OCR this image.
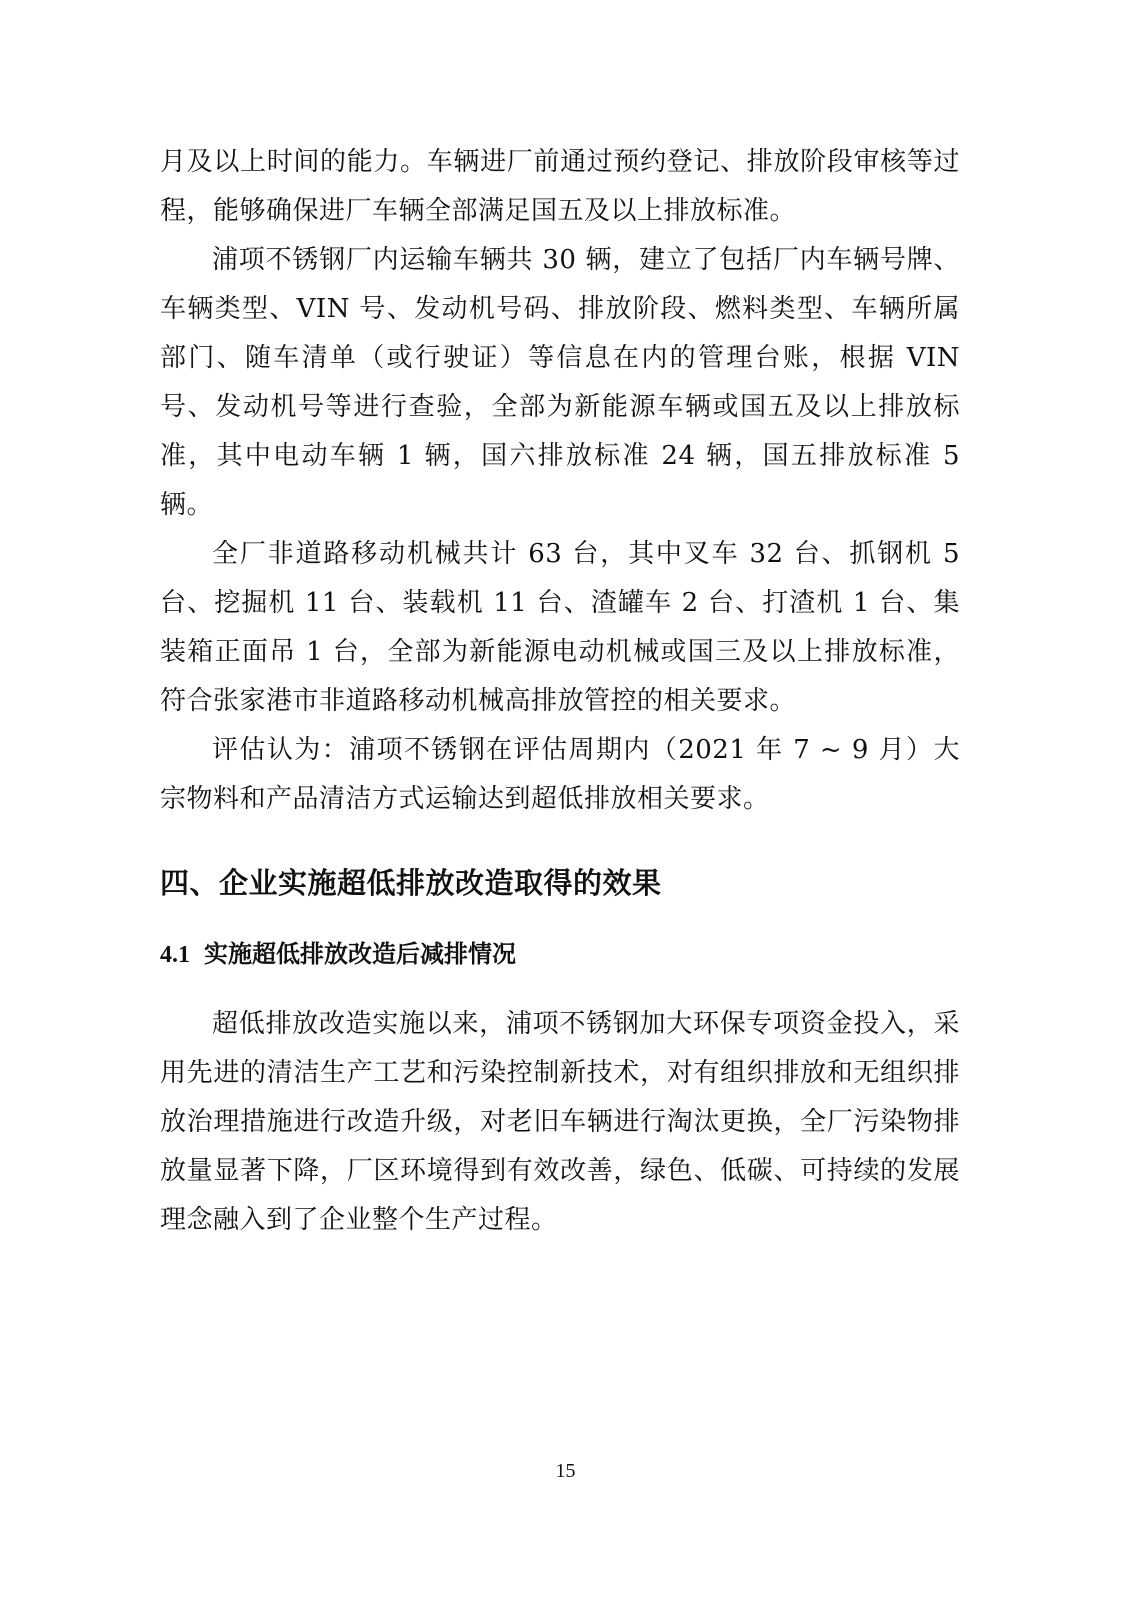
月及以上时间的能力。车辆进厂前通过预约登记、排放阶段审核等过程，能够确保进厂车辆全部满足国五及以上排放标准。

浦项不锈钢厂内运输车辆共 30 辆，建立了包括厂内车辆号牌、车辆类型、VIN 号、发动机号码、排放阶段、燃料类型、车辆所属部门、随车清单（或行驶证）等信息在内的管理台账，根据 VIN 号、发动机号等进行查验，全部为新能源车辆或国五及以上排放标准，其中电动车辆 1 辆，国六排放标准 24 辆，国五排放标准 5 辆。

全厂非道路移动机械共计 63 台，其中叉车 32 台、抓钢机 5 台、挖掘机 11 台、装载机 11 台、渣罐车 2 台、打渣机 1 台、集装箱正面吊 1 台，全部为新能源电动机械或国三及以上排放标准，符合张家港市非道路移动机械高排放管控的相关要求。

评估认为：浦项不锈钢在评估周期内（2021 年 7 ~ 9 月）大宗物料和产品清洁方式运输达到超低排放相关要求。

四、企业实施超低排放改造取得的效果
4.1 实施超低排放改造后减排情况

超低排放改造实施以来，浦项不锈钢加大环保专项资金投入，采用先进的清洁生产工艺和污染控制新技术，对有组织排放和无组织排放治理措施进行改造升级，对老旧车辆进行淘汰更换，全厂污染物排放量显著下降，厂区环境得到有效改善，绿色、低碳、可持续的发展理念融入到了企业整个生产过程。

15
